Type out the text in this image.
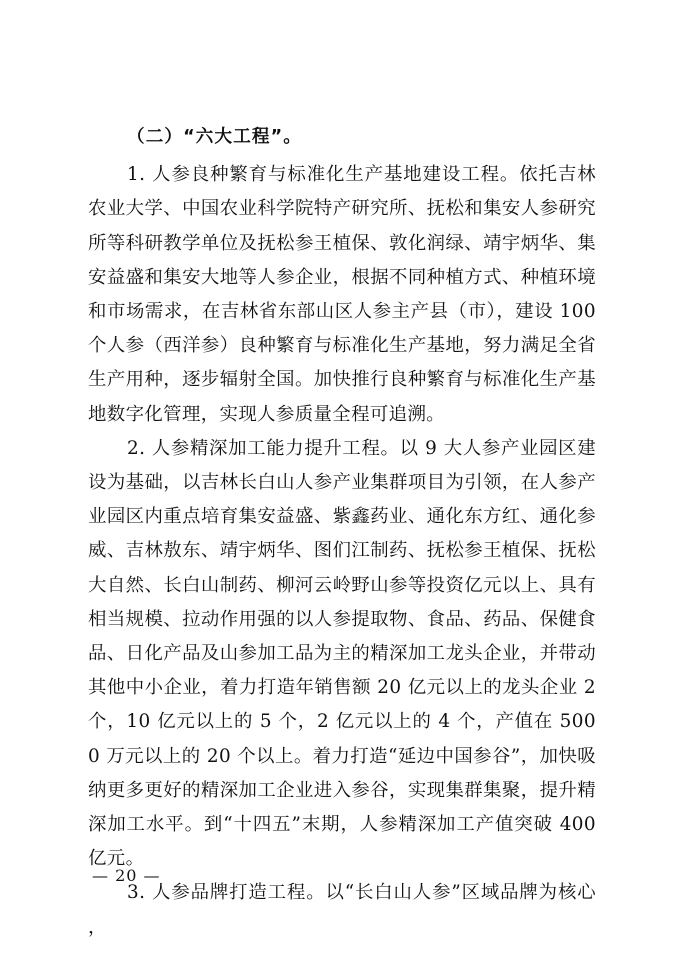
（二）“六大工程”。

1. 人参良种繁育与标准化生产基地建设工程。依托吉林农业大学、中国农业科学院特产研究所、抚松和集安人参研究所等科研教学单位及抚松参王植保、敦化润绿、靖宇炳华、集安益盛和集安大地等人参企业，根据不同种植方式、种植环境和市场需求，在吉林省东部山区人参主产县（市），建设 100 个人参（西洋参）良种繁育与标准化生产基地，努力满足全省生产用种，逐步辐射全国。加快推行良种繁育与标准化生产基地数字化管理，实现人参质量全程可追溯。

2. 人参精深加工能力提升工程。以 9 大人参产业园区建设为基础，以吉林长白山人参产业集群项目为引领，在人参产业园区内重点培育集安益盛、紫鑫药业、通化东方红、通化参威、吉林敖东、靖宇炳华、图们江制药、抚松参王植保、抚松大自然、长白山制药、柳河云岭野山参等投资亿元以上、具有相当规模、拉动作用强的以人参提取物、食品、药品、保健食品、日化产品及山参加工品为主的精深加工龙头企业，并带动其他中小企业，着力打造年销售额 20 亿元以上的龙头企业 2 个，10 亿元以上的 5 个，2 亿元以上的 4 个，产值在 5000 万元以上的 20 个以上。着力打造“延边中国参谷”，加快吸纳更多更好的精深加工企业进入参谷，实现集群集聚，提升精深加工水平。到“十四五”末期，人参精深加工产值突破 400 亿元。

3. 人参品牌打造工程。以“长白山人参”区域品牌为核心，

— 20 —
